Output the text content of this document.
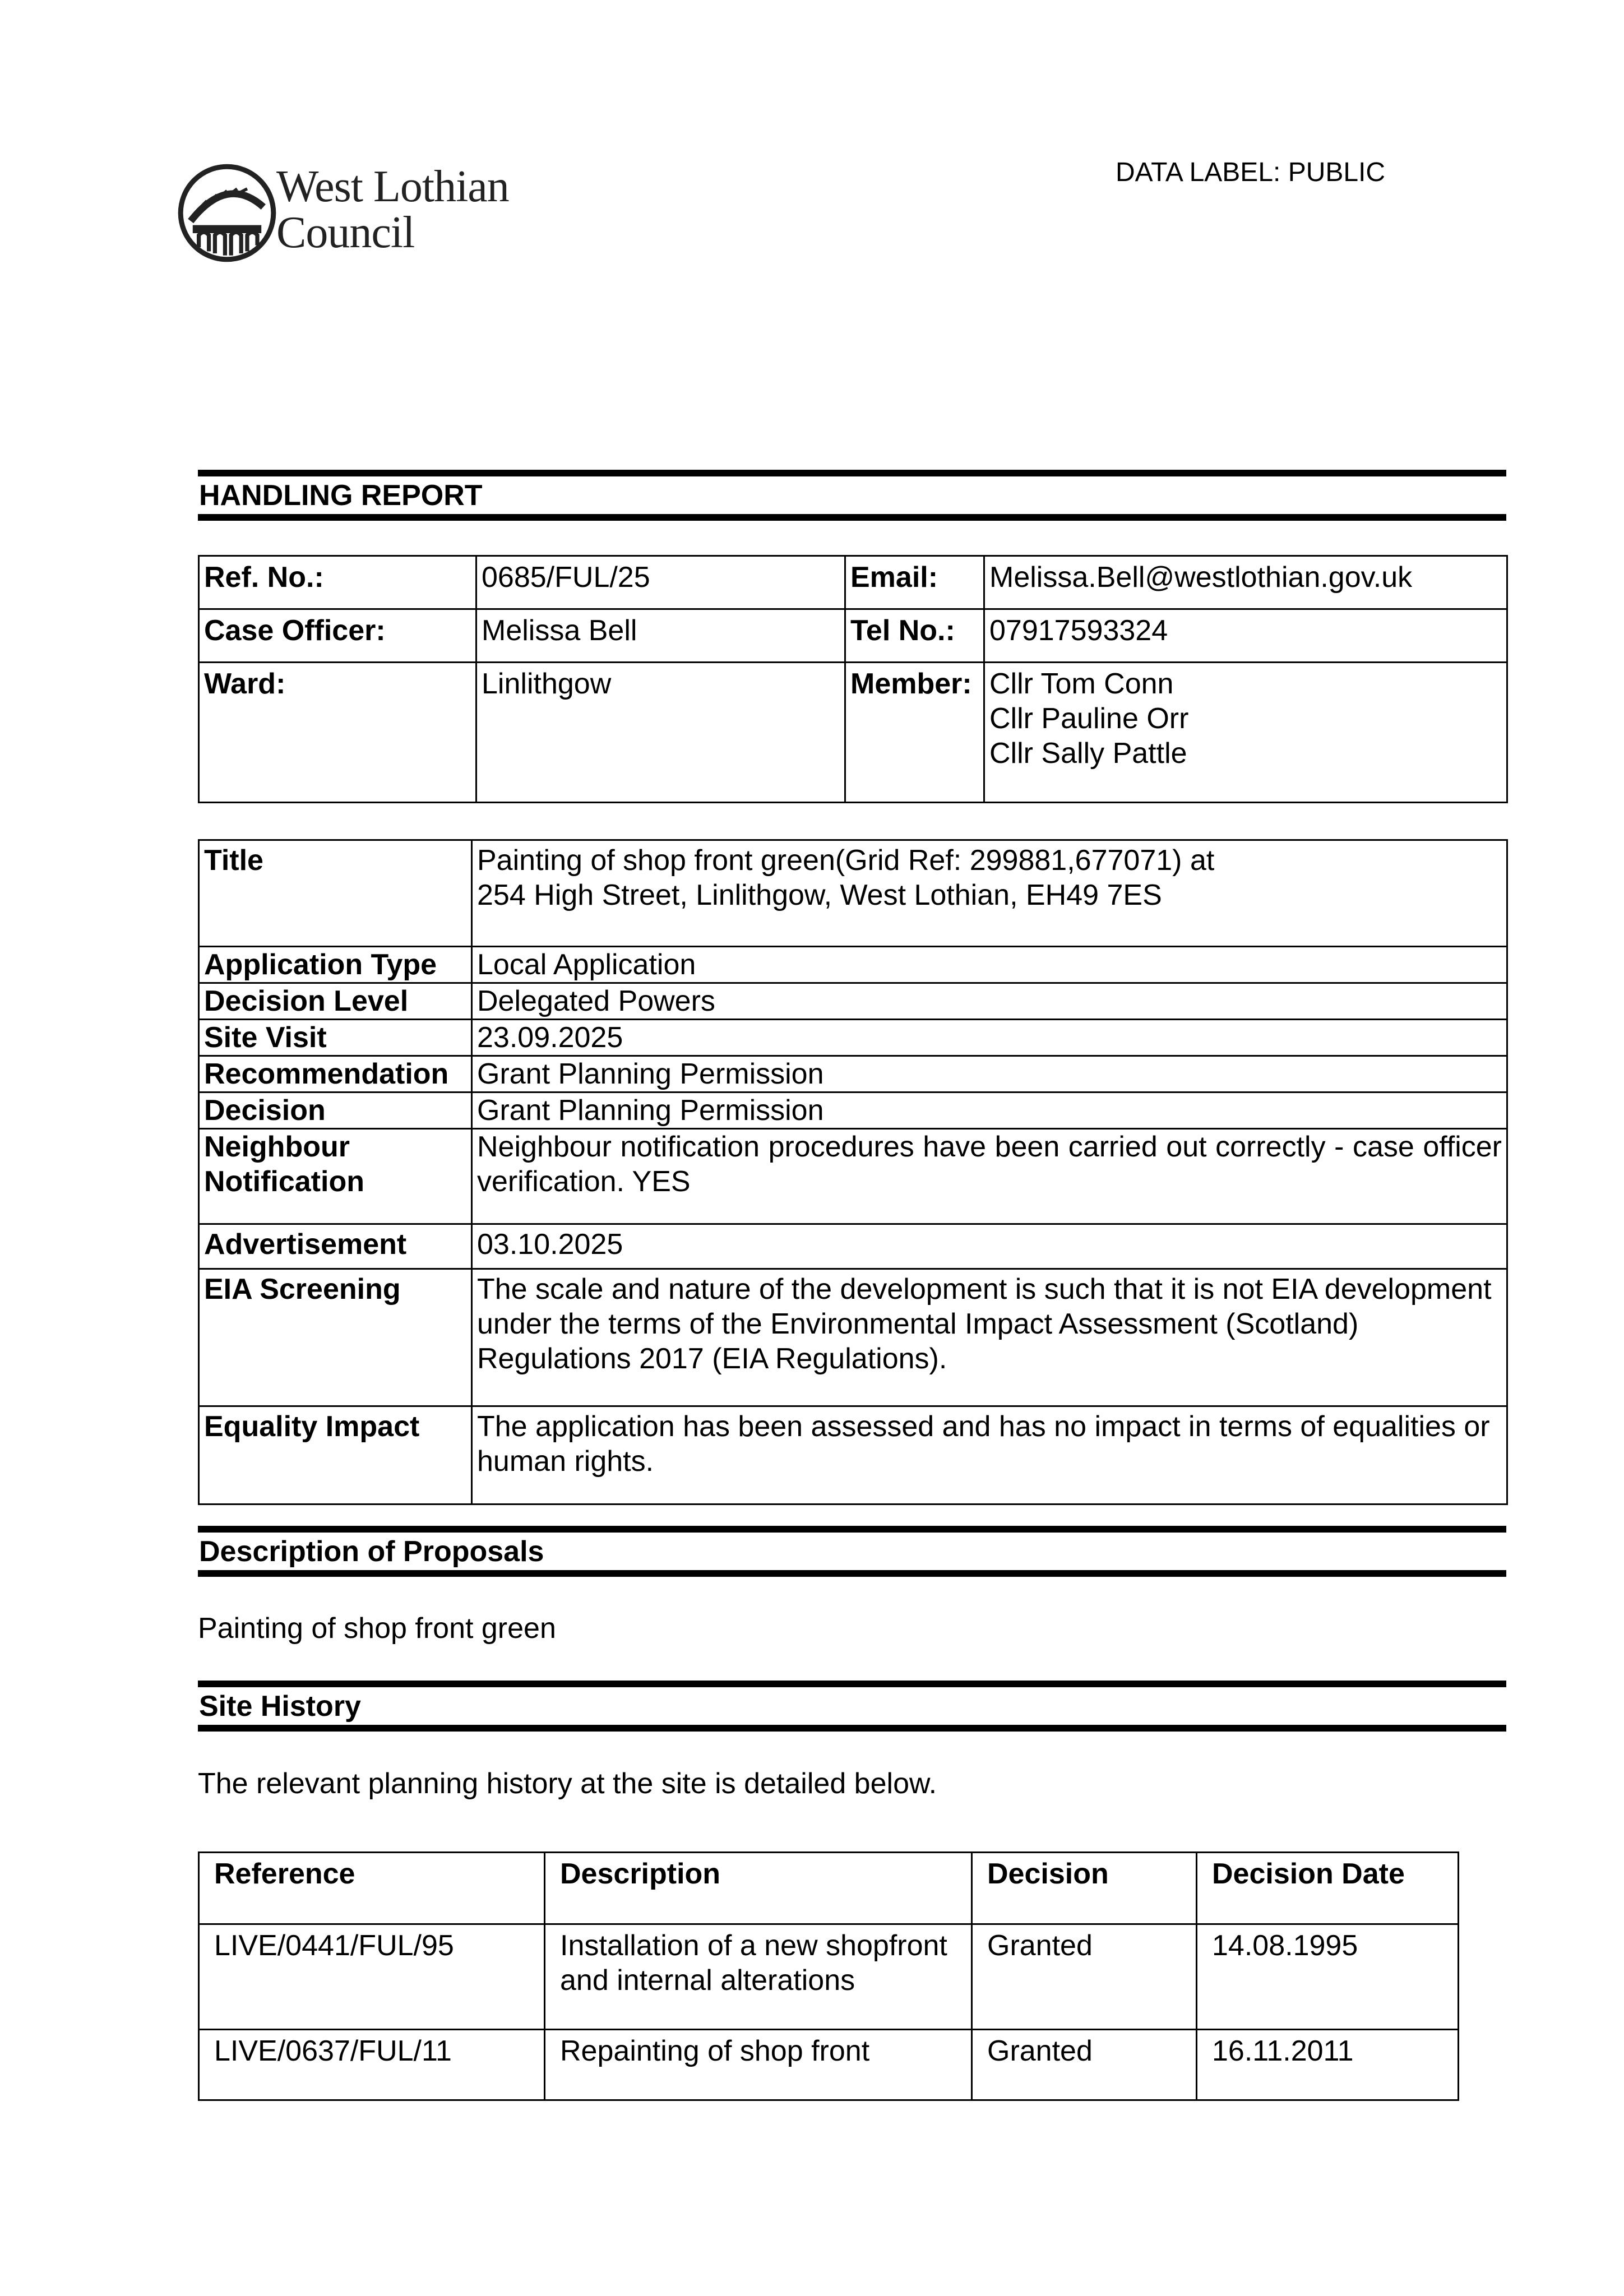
West Lothian
Council
DATA LABEL: PUBLIC
HANDLING REPORT
Ref. No.:	0685/FUL/25	Email:	Melissa.Bell@westlothian.gov.uk
Case Officer:	Melissa Bell	Tel No.:	07917593324
Ward:	Linlithgow	Member:	Cllr Tom Conn
Cllr Pauline Orr
Cllr Sally Pattle
Title	Painting of shop front green(Grid Ref: 299881,677071) at
254 High Street, Linlithgow, West Lothian, EH49 7ES

Application Type	Local Application
Decision Level	Delegated Powers
Site Visit	23.09.2025
Recommendation	Grant Planning Permission
Decision	Grant Planning Permission

Neighbour
Notification	Neighbour notification procedures have been carried out correctly - case officer verification. YES
Advertisement	03.10.2025
EIA Screening	The scale and nature of the development is such that it is not EIA development under the terms of the Environmental Impact Assessment (Scotland) Regulations 2017 (EIA Regulations).
Equality Impact	The application has been assessed and has no impact in terms of equalities or human rights.
Description of Proposals
Painting of shop front green
Site History
The relevant planning history at the site is detailed below.
Reference	Description	Decision	Decision Date
LIVE/0441/FUL/95	Installation of a new shopfront and internal alterations	Granted	14.08.1995
LIVE/0637/FUL/11	Repainting of shop front	Granted	16.11.2011
